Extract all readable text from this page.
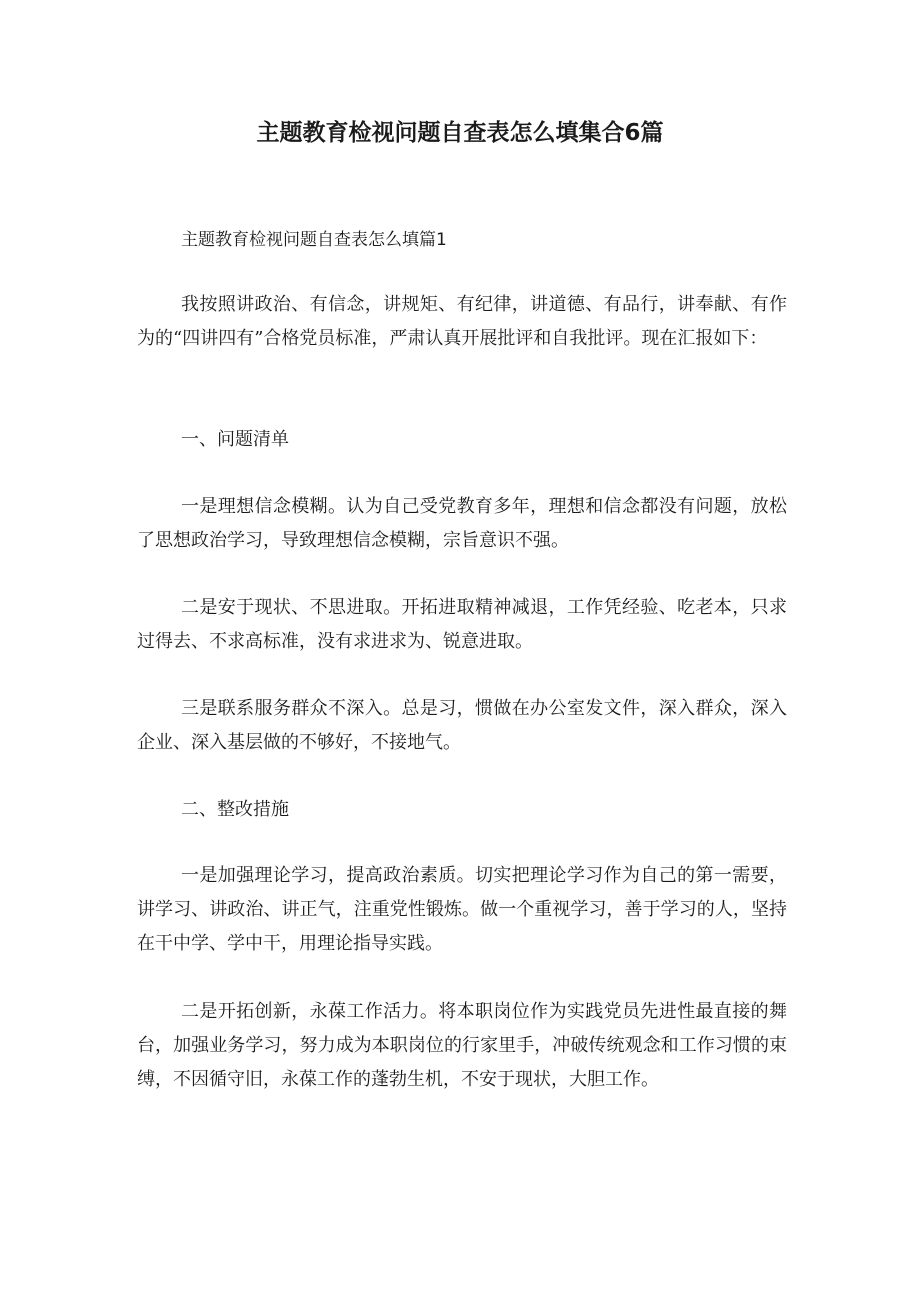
主题教育检视问题自查表怎么填集合6篇

主题教育检视问题自查表怎么填篇1

我按照讲政治、有信念，讲规矩、有纪律，讲道德、有品行，讲奉献、有作为的“四讲四有”合格党员标准，严肃认真开展批评和自我批评。现在汇报如下：

一、问题清单

一是理想信念模糊。认为自己受党教育多年，理想和信念都没有问题，放松了思想政治学习，导致理想信念模糊，宗旨意识不强。

二是安于现状、不思进取。开拓进取精神减退，工作凭经验、吃老本，只求过得去、不求高标准，没有求进求为、锐意进取。

三是联系服务群众不深入。总是习，惯做在办公室发文件，深入群众，深入企业、深入基层做的不够好，不接地气。

二、整改措施

一是加强理论学习，提高政治素质。切实把理论学习作为自己的第一需要，讲学习、讲政治、讲正气，注重党性锻炼。做一个重视学习，善于学习的人，坚持在干中学、学中干，用理论指导实践。

二是开拓创新，永葆工作活力。将本职岗位作为实践党员先进性最直接的舞台，加强业务学习，努力成为本职岗位的行家里手，冲破传统观念和工作习惯的束缚，不因循守旧，永葆工作的蓬勃生机，不安于现状，大胆工作。
